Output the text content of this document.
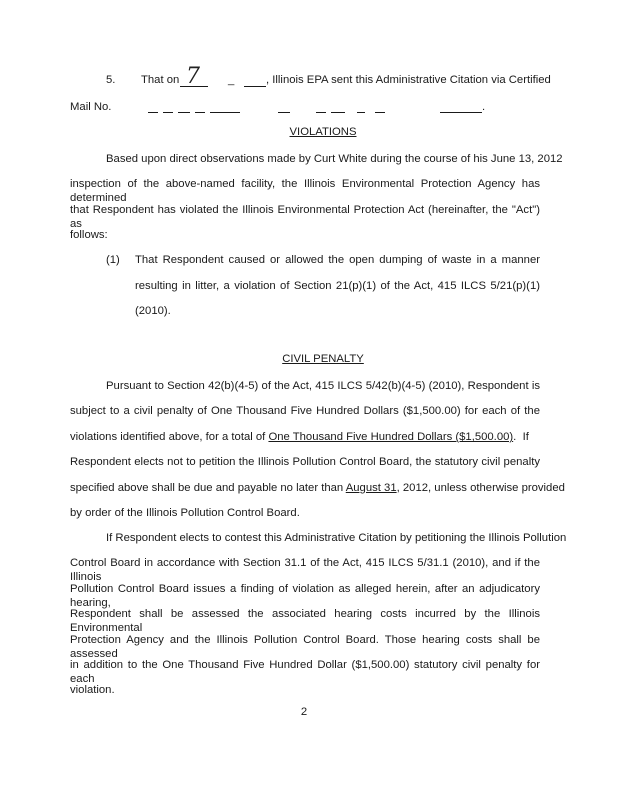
5. That on 7 _	, Illinois EPA sent this Administrative Citation via Certified
Mail No.	.
VIOLATIONS
Based upon direct observations made by Curt White during the course of his June 13, 2012
inspection of the above-named facility, the Illinois Environmental Protection Agency has determined
that Respondent has violated the Illinois Environmental Protection Act (hereinafter, the "Act") as
follows:
(1) That Respondent caused or allowed the open dumping of waste in a manner
resulting in litter, a violation of Section 21(p)(1) of the Act, 415 ILCS 5/21(p)(1)
(2010).
CIVIL PENALTY
Pursuant to Section 42(b)(4-5) of the Act, 415 ILCS 5/42(b)(4-5) (2010), Respondent is
subject to a civil penalty of One Thousand Five Hundred Dollars ($1,500.00) for each of the
violations identified above, for a total of One Thousand Five Hundred Dollars ($1,500.00) .  If
Respondent elects not to petition the Illinois Pollution Control Board, the statutory civil penalty
specified above shall be due and payable no later than August 31, 2012, unless otherwise provided
by order of the Illinois Pollution Control Board.
If Respondent elects to contest this Administrative Citation by petitioning the Illinois Pollution
Control Board in accordance with Section 31.1 of the Act, 415 ILCS 5/31.1 (2010), and if the Illinois
Pollution Control Board issues a finding of violation as alleged herein, after an adjudicatory hearing,
Respondent shall be assessed the associated hearing costs incurred by the Illinois Environmental
Protection Agency and the Illinois Pollution Control Board. Those hearing costs shall be assessed
in addition to the One Thousand Five Hundred Dollar ($1,500.00) statutory civil penalty for each
violation.
2
